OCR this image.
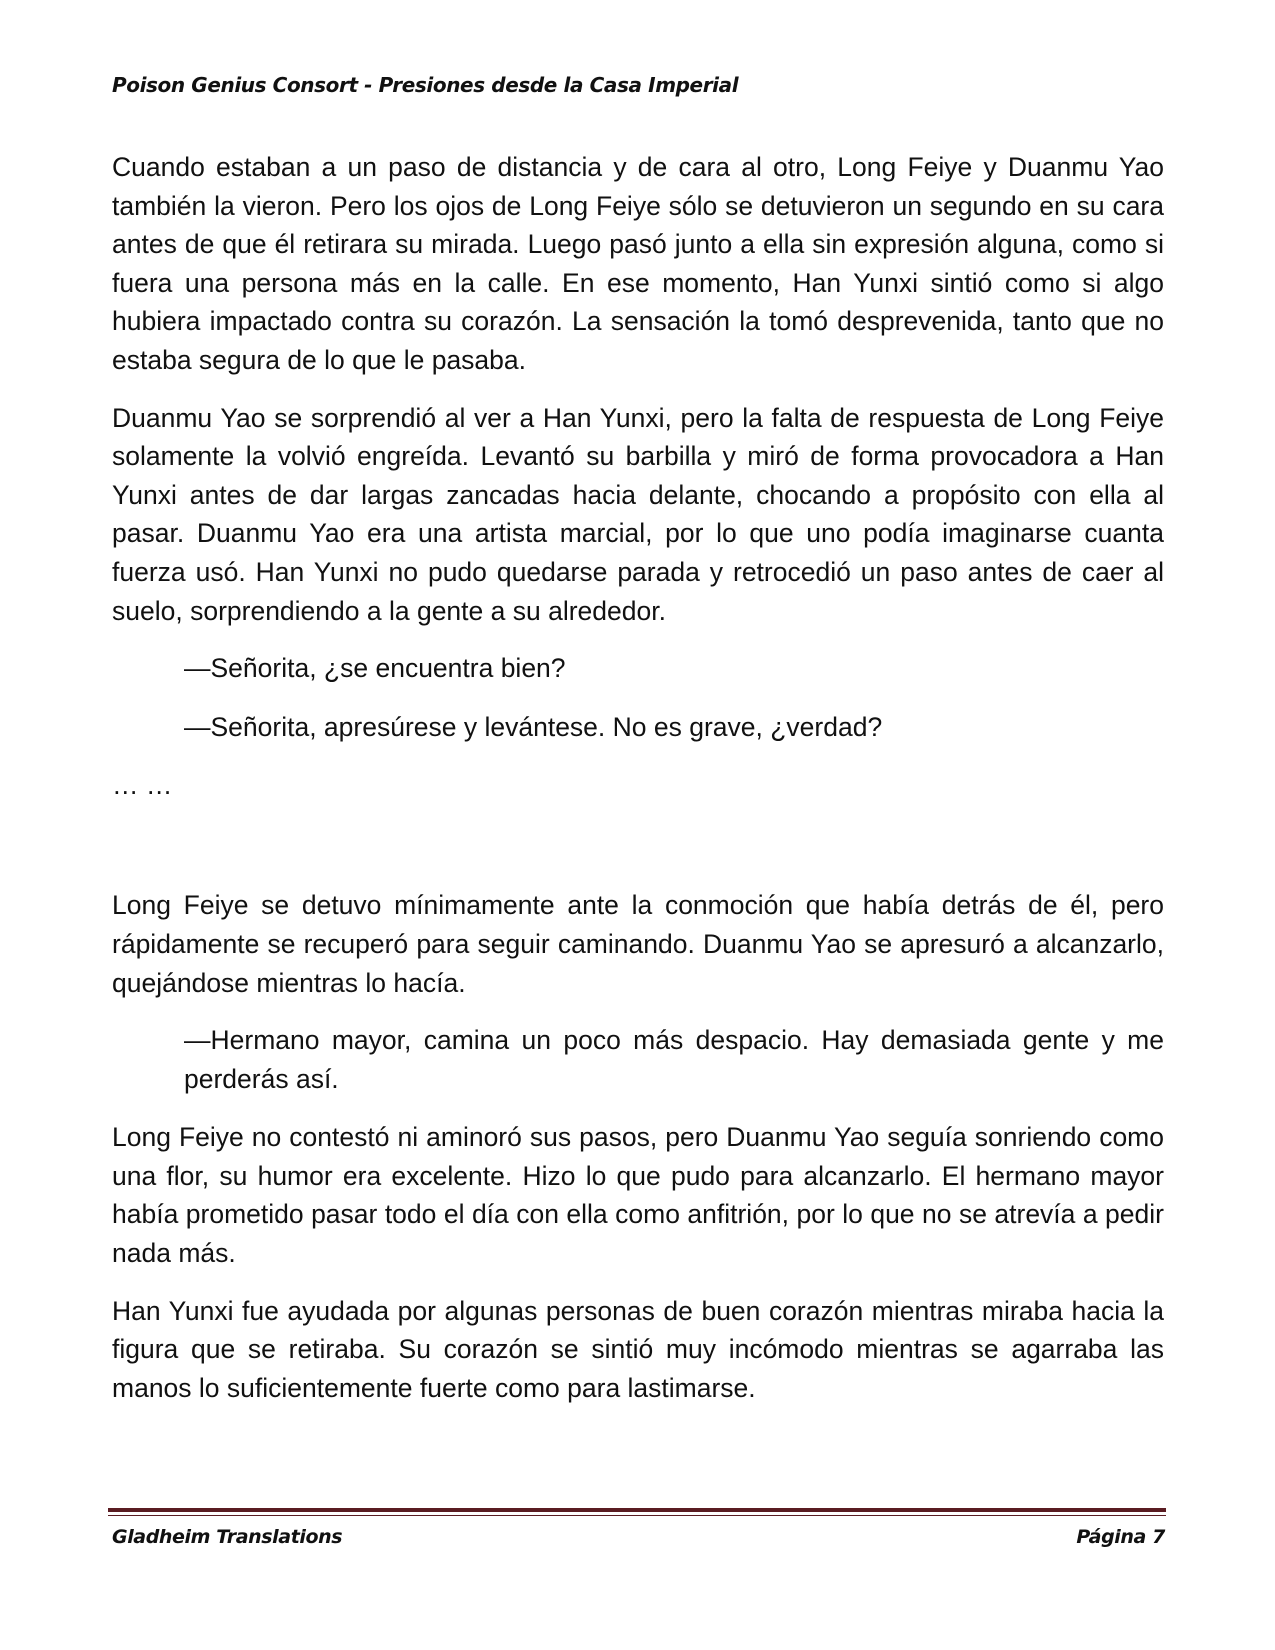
Poison Genius Consort - Presiones desde la Casa Imperial

Cuando estaban a un paso de distancia y de cara al otro, Long Feiye y Duanmu Yao también la vieron. Pero los ojos de Long Feiye sólo se detuvieron un segundo en su cara antes de que él retirara su mirada. Luego pasó junto a ella sin expresión alguna, como si fuera una persona más en la calle. En ese momento, Han Yunxi sintió como si algo hubiera impactado contra su corazón. La sensación la tomó desprevenida, tanto que no estaba segura de lo que le pasaba.

Duanmu Yao se sorprendió al ver a Han Yunxi, pero la falta de respuesta de Long Feiye solamente la volvió engreída. Levantó su barbilla y miró de forma provocadora a Han Yunxi antes de dar largas zancadas hacia delante, chocando a propósito con ella al pasar. Duanmu Yao era una artista marcial, por lo que uno podía imaginarse cuanta fuerza usó. Han Yunxi no pudo quedarse parada y retrocedió un paso antes de caer al suelo, sorprendiendo a la gente a su alrededor.

—Señorita, ¿se encuentra bien?

—Señorita, apresúrese y levántese. No es grave, ¿verdad?

… …

Long Feiye se detuvo mínimamente ante la conmoción que había detrás de él, pero rápidamente se recuperó para seguir caminando. Duanmu Yao se apresuró a alcanzarlo, quejándose mientras lo hacía.

—Hermano mayor, camina un poco más despacio. Hay demasiada gente y me perderás así.

Long Feiye no contestó ni aminoró sus pasos, pero Duanmu Yao seguía sonriendo como una flor, su humor era excelente. Hizo lo que pudo para alcanzarlo. El hermano mayor había prometido pasar todo el día con ella como anfitrión, por lo que no se atrevía a pedir nada más.

Han Yunxi fue ayudada por algunas personas de buen corazón mientras miraba hacia la figura que se retiraba. Su corazón se sintió muy incómodo mientras se agarraba las manos lo suficientemente fuerte como para lastimarse.

Gladheim Translations	Página 7
